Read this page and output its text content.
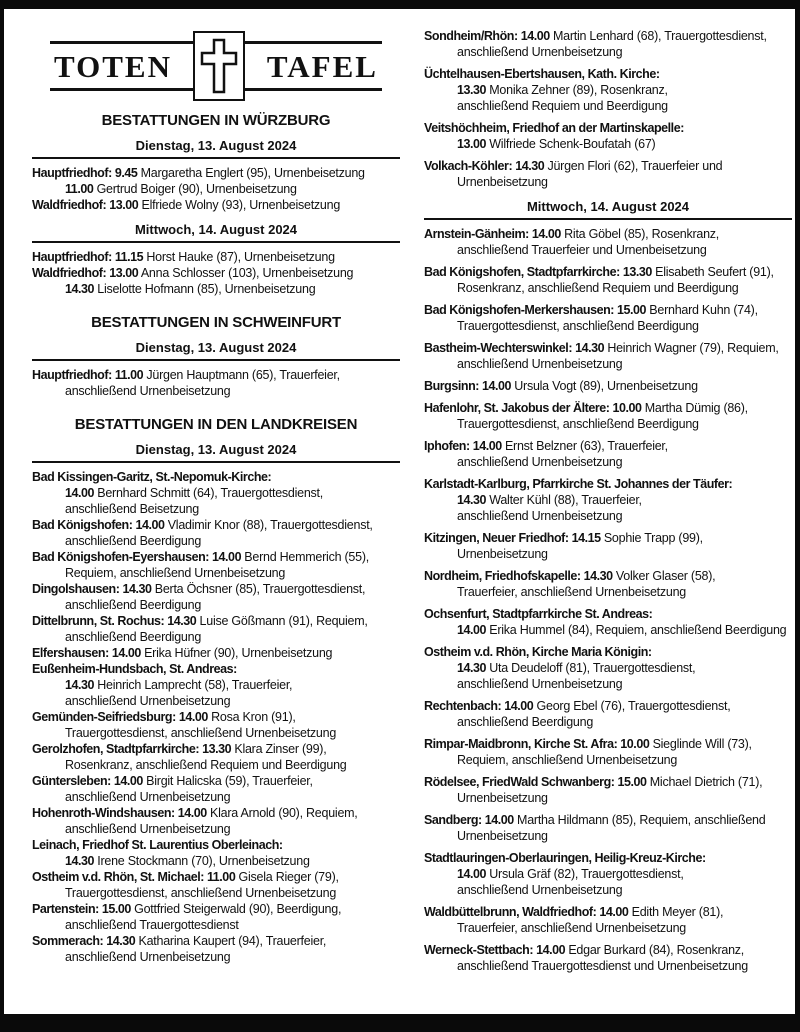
TOTEN	TAFEL
BESTATTUNGEN IN WÜRZBURG
Dienstag, 13. August 2024
Hauptfriedhof: 9.45 Margaretha Englert (95), Urnenbeisetzung
11.00 Gertrud Boiger (90), Urnenbeisetzung
Waldfriedhof: 13.00 Elfriede Wolny (93), Urnenbeisetzung
Mittwoch, 14. August 2024
Hauptfriedhof: 11.15 Horst Hauke (87), Urnenbeisetzung
Waldfriedhof: 13.00 Anna Schlosser (103), Urnenbeisetzung
14.30 Liselotte Hofmann (85), Urnenbeisetzung
BESTATTUNGEN IN SCHWEINFURT
Dienstag, 13. August 2024
Hauptfriedhof: 11.00 Jürgen Hauptmann (65), Trauerfeier,
anschließend Urnenbeisetzung
BESTATTUNGEN IN DEN LANDKREISEN
Dienstag, 13. August 2024
Bad Kissingen-Garitz, St.-Nepomuk-Kirche:
14.00 Bernhard Schmitt (64), Trauergottesdienst,
anschließend Beisetzung
Bad Königshofen: 14.00 Vladimir Knor (88), Trauergottesdienst,
anschließend Beerdigung
Bad Königshofen-Eyershausen: 14.00 Bernd Hemmerich (55),
Requiem, anschließend Urnenbeisetzung
Dingolshausen: 14.30 Berta Öchsner (85), Trauergottesdienst,
anschließend Beerdigung
Dittelbrunn, St. Rochus: 14.30 Luise Gößmann (91), Requiem,
anschließend Beerdigung
Elfershausen: 14.00 Erika Hüfner (90), Urnenbeisetzung
Eußenheim-Hundsbach, St. Andreas:
14.30 Heinrich Lamprecht (58), Trauerfeier,
anschließend Urnenbeisetzung
Gemünden-Seifriedsburg: 14.00 Rosa Kron (91),
Trauergottesdienst, anschließend Urnenbeisetzung
Gerolzhofen, Stadtpfarrkirche: 13.30 Klara Zinser (99),
Rosenkranz, anschließend Requiem und Beerdigung
Güntersleben: 14.00 Birgit Halicska (59), Trauerfeier,
anschließend Urnenbeisetzung
Hohenroth-Windshausen: 14.00 Klara Arnold (90), Requiem,
anschließend Urnenbeisetzung
Leinach, Friedhof St. Laurentius Oberleinach:
14.30 Irene Stockmann (70), Urnenbeisetzung
Ostheim v.d. Rhön, St. Michael: 11.00 Gisela Rieger (79),
Trauergottesdienst, anschließend Urnenbeisetzung
Partenstein: 15.00 Gottfried Steigerwald (90), Beerdigung,
anschließend Trauergottesdienst
Sommerach: 14.30 Katharina Kaupert (94), Trauerfeier,
anschließend Urnenbeisetzung
Sondheim/Rhön: 14.00 Martin Lenhard (68), Trauergottesdienst,
anschließend Urnenbeisetzung
Üchtelhausen-Ebertshausen, Kath. Kirche:
13.30 Monika Zehner (89), Rosenkranz,
anschließend Requiem und Beerdigung
Veitshöchheim, Friedhof an der Martinskapelle:
13.00 Wilfriede Schenk-Boufatah (67)
Volkach-Köhler: 14.30 Jürgen Flori (62), Trauerfeier und
Urnenbeisetzung
Mittwoch, 14. August 2024
Arnstein-Gänheim: 14.00 Rita Göbel (85), Rosenkranz,
anschließend Trauerfeier und Urnenbeisetzung
Bad Königshofen, Stadtpfarrkirche: 13.30 Elisabeth Seufert (91),
Rosenkranz, anschließend Requiem und Beerdigung
Bad Königshofen-Merkershausen: 15.00 Bernhard Kuhn (74),
Trauergottesdienst, anschließend Beerdigung
Bastheim-Wechterswinkel: 14.30 Heinrich Wagner (79), Requiem,
anschließend Urnenbeisetzung
Burgsinn: 14.00 Ursula Vogt (89), Urnenbeisetzung
Hafenlohr, St. Jakobus der Ältere: 10.00 Martha Dümig (86),
Trauergottesdienst, anschließend Beerdigung
Iphofen: 14.00 Ernst Belzner (63), Trauerfeier,
anschließend Urnenbeisetzung
Karlstadt-Karlburg, Pfarrkirche St. Johannes der Täufer:
14.30 Walter Kühl (88), Trauerfeier,
anschließend Urnenbeisetzung
Kitzingen, Neuer Friedhof: 14.15 Sophie Trapp (99),
Urnenbeisetzung
Nordheim, Friedhofskapelle: 14.30 Volker Glaser (58),
Trauerfeier, anschließend Urnenbeisetzung
Ochsenfurt, Stadtpfarrkirche St. Andreas:
14.00 Erika Hummel (84), Requiem, anschließend Beerdigung
Ostheim v.d. Rhön, Kirche Maria Königin:
14.30 Uta Deudeloff (81), Trauergottesdienst,
anschließend Urnenbeisetzung
Rechtenbach: 14.00 Georg Ebel (76), Trauergottesdienst,
anschließend Beerdigung
Rimpar-Maidbronn, Kirche St. Afra: 10.00 Sieglinde Will (73),
Requiem, anschließend Urnenbeisetzung
Rödelsee, FriedWald Schwanberg: 15.00 Michael Dietrich (71),
Urnenbeisetzung
Sandberg: 14.00 Martha Hildmann (85), Requiem, anschließend
Urnenbeisetzung
Stadtlauringen-Oberlauringen, Heilig-Kreuz-Kirche:
14.00 Ursula Gräf (82), Trauergottesdienst,
anschließend Urnenbeisetzung
Waldbüttelbrunn, Waldfriedhof: 14.00 Edith Meyer (81),
Trauerfeier, anschließend Urnenbeisetzung
Werneck-Stettbach: 14.00 Edgar Burkard (84), Rosenkranz,
anschließend Trauergottesdienst und Urnenbeisetzung
